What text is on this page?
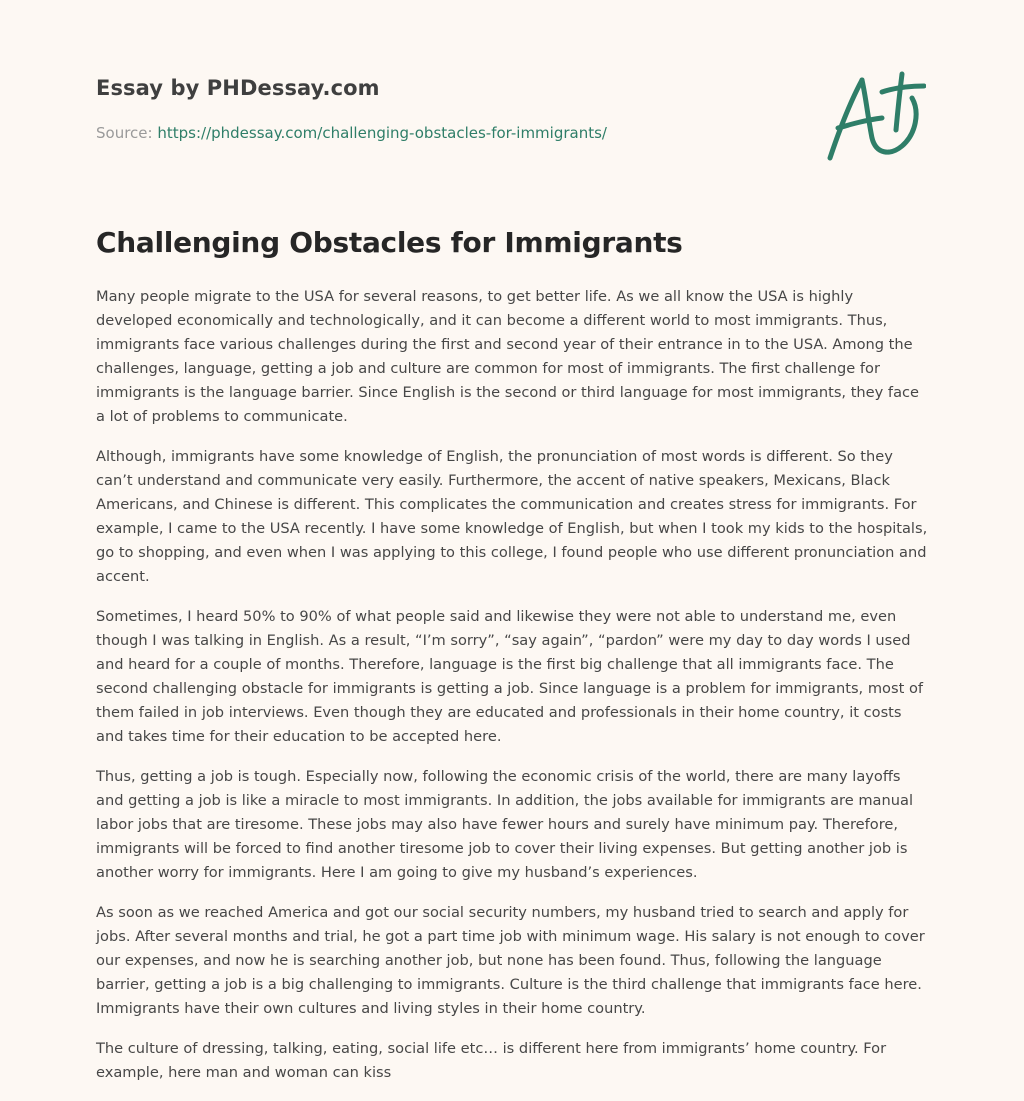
Essay by PHDessay.com
Source: https://phdessay.com/challenging-obstacles-for-immigrants/
Challenging Obstacles for Immigrants

Many people migrate to the USA for several reasons, to get better life. As we all know the USA is highly developed economically and technologically, and it can become a different world to most immigrants. Thus, immigrants face various challenges during the first and second year of their entrance in to the USA. Among the challenges, language, getting a job and culture are common for most of immigrants. The first challenge for immigrants is the language barrier. Since English is the second or third language for most immigrants, they face a lot of problems to communicate.

Although, immigrants have some knowledge of English, the pronunciation of most words is different. So they can’t understand and communicate very easily. Furthermore, the accent of native speakers, Mexicans, Black Americans, and Chinese is different. This complicates the communication and creates stress for immigrants. For example, I came to the USA recently. I have some knowledge of English, but when I took my kids to the hospitals, go to shopping, and even when I was applying to this college, I found people who use different pronunciation and accent.

Sometimes, I heard 50% to 90% of what people said and likewise they were not able to understand me, even though I was talking in English. As a result, “I’m sorry”, “say again”, “pardon” were my day to day words I used and heard for a couple of months. Therefore, language is the first big challenge that all immigrants face. The second challenging obstacle for immigrants is getting a job. Since language is a problem for immigrants, most of them failed in job interviews. Even though they are educated and professionals in their home country, it costs and takes time for their education to be accepted here.

Thus, getting a job is tough. Especially now, following the economic crisis of the world, there are many layoffs and getting a job is like a miracle to most immigrants. In addition, the jobs available for immigrants are manual labor jobs that are tiresome. These jobs may also have fewer hours and surely have minimum pay. Therefore, immigrants will be forced to find another tiresome job to cover their living expenses. But getting another job is another worry for immigrants. Here I am going to give my husband’s experiences.

As soon as we reached America and got our social security numbers, my husband tried to search and apply for jobs. After several months and trial, he got a part time job with minimum wage. His salary is not enough to cover our expenses, and now he is searching another job, but none has been found. Thus, following the language barrier, getting a job is a big challenging to immigrants. Culture is the third challenge that immigrants face here. Immigrants have their own cultures and living styles in their home country.

The culture of dressing, talking, eating, social life etc… is different here from immigrants’ home country. For example, here man and woman can kiss
